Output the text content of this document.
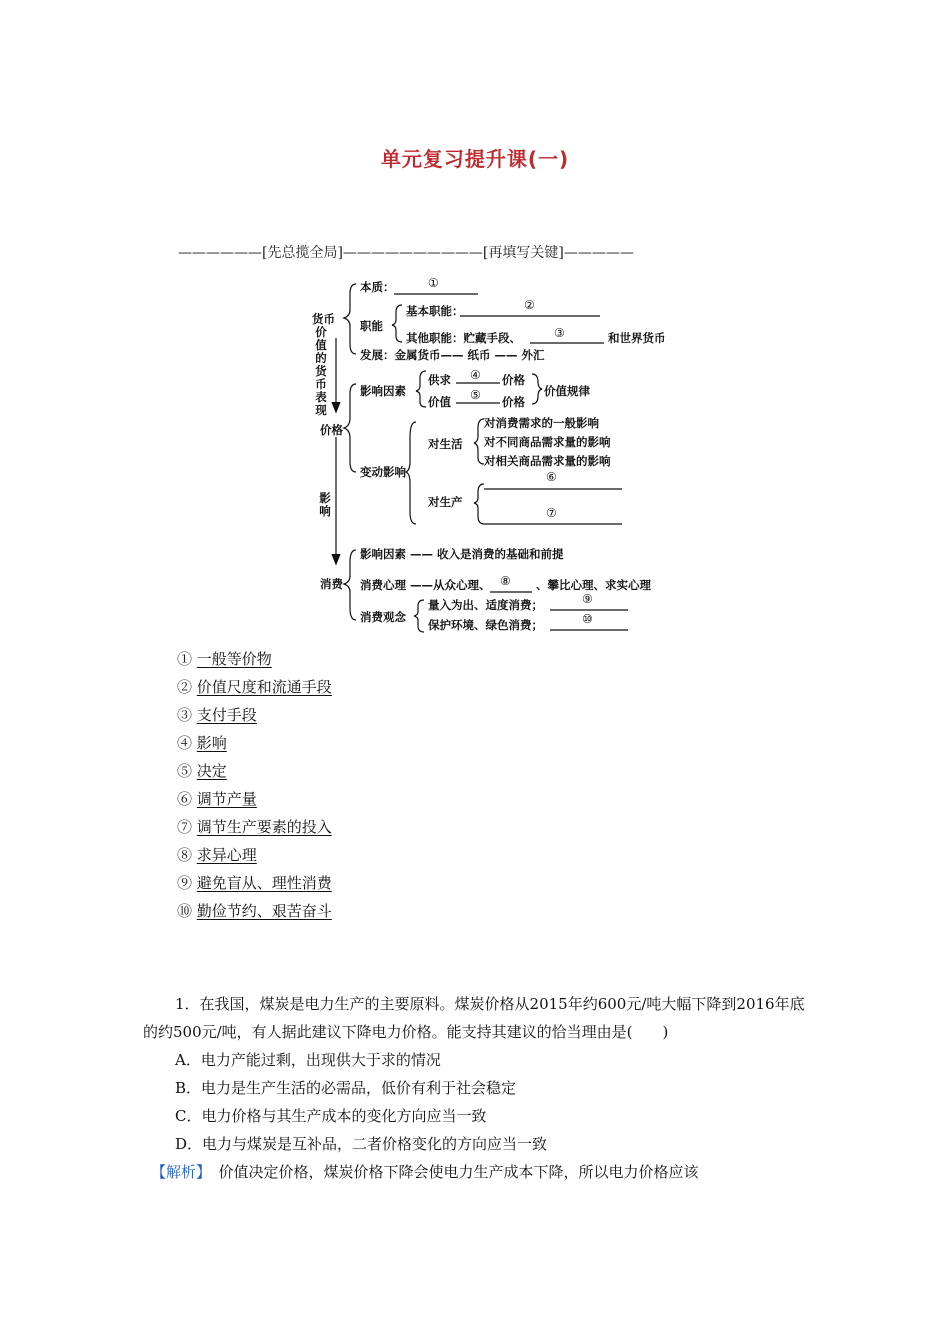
单元复习提升课(一)
——————[先总揽全局]——————————[再填写关键]—————
本质：	①
货币 职能
基本职能：	②
其他职能：贮藏手段、	③	和世界货币
发展：金属货币—— 纸币 —— 外汇
价值的货币表现
价格
影响因素
供求 ④ 价格
价值 ⑤ 价格
价值规律
变动影响
对生活
对消费需求的一般影响
对不同商品需求量的影响
对相关商品需求量的影响
对生产
⑥
⑦
影响
消费
影响因素 —— 收入是消费的基础和前提
消费心理 ——从众心理、 ⑧ 、攀比心理、求实心理
消费观念
量入为出、适度消费；	⑨
保护环境、绿色消费；	⑩
① 一般等价物
② 价值尺度和流通手段
③ 支付手段
④ 影响
⑤ 决定
⑥ 调节产量
⑦ 调节生产要素的投入
⑧ 求异心理
⑨ 避免盲从、理性消费
⑩ 勤俭节约、艰苦奋斗

1．在我国，煤炭是电力生产的主要原料。煤炭价格从2015年约600元/吨大幅下降到2016年底的约500元/吨，有人据此建议下降电力价格。能支持其建议的恰当理由是(　　)

A．电力产能过剩，出现供大于求的情况

B．电力是生产生活的必需品，低价有利于社会稳定

C．电力价格与其生产成本的变化方向应当一致

D．电力与煤炭是互补品，二者价格变化的方向应当一致

【解析】　价值决定价格，煤炭价格下降会使电力生产成本下降，所以电力价格应该
